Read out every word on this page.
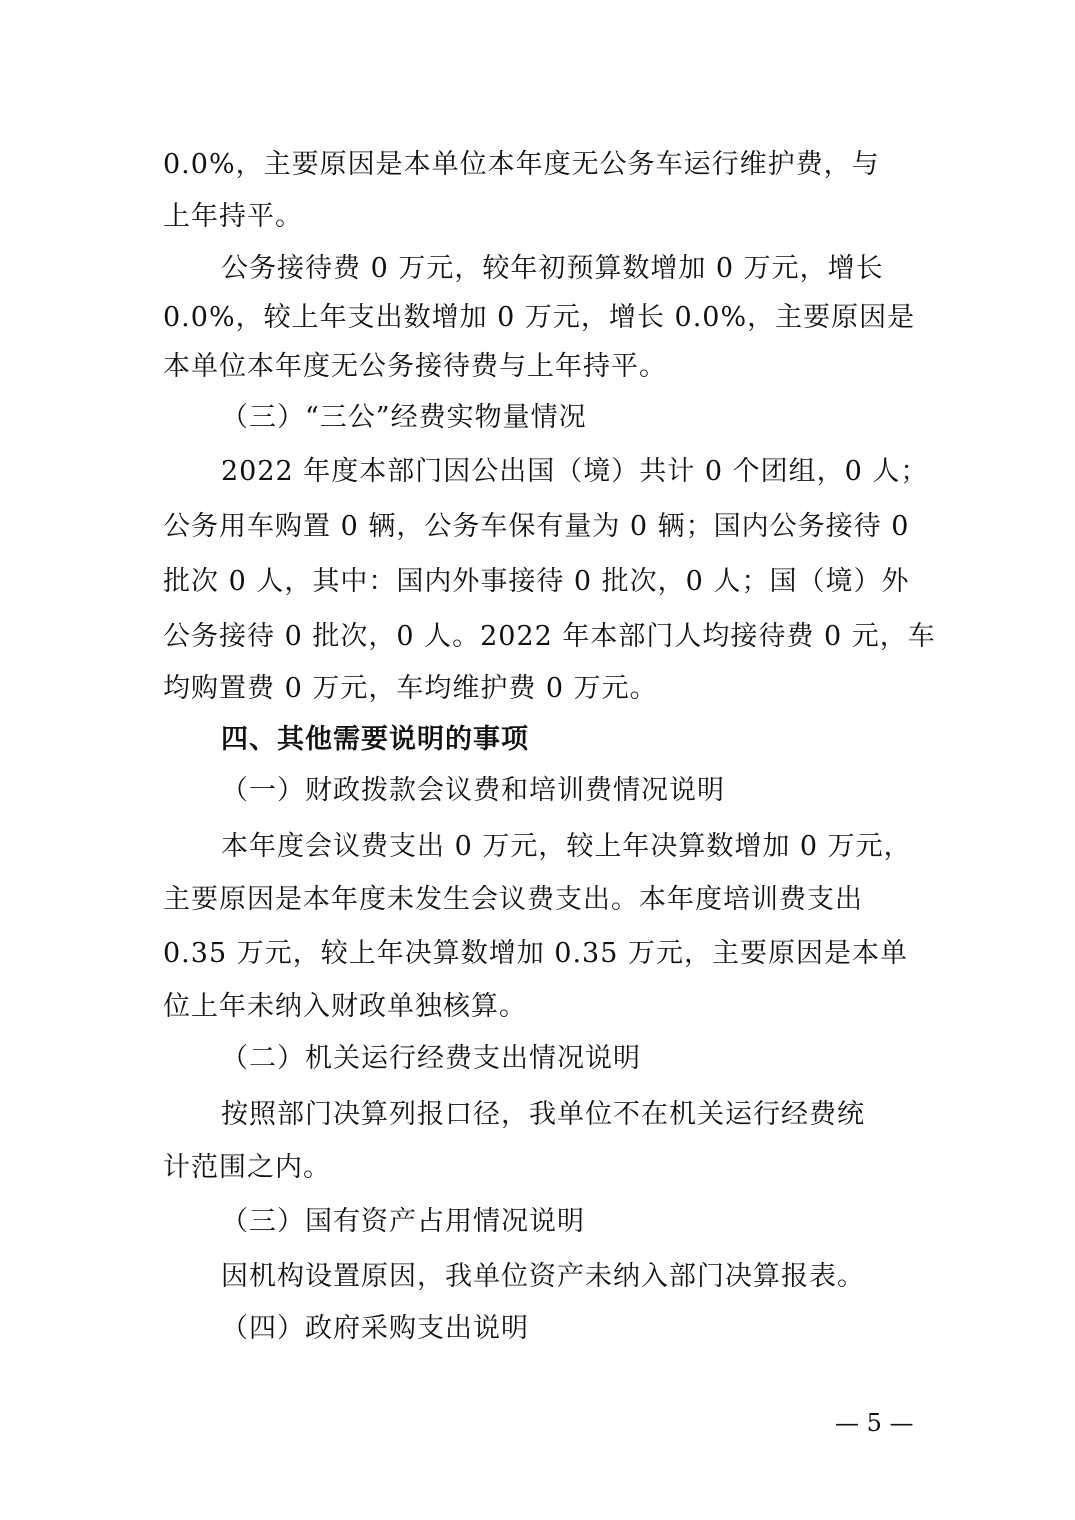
0.0%，主要原因是本单位本年度无公务车运行维护费，与
上年持平。
公务接待费 0 万元，较年初预算数增加 0 万元，增长
0.0%，较上年支出数增加 0 万元，增长 0.0%，主要原因是
本单位本年度无公务接待费与上年持平。
（三）“三公”经费实物量情况
2022 年度本部门因公出国（境）共计 0 个团组，0 人；
公务用车购置 0 辆，公务车保有量为 0 辆；国内公务接待 0
批次 0 人，其中：国内外事接待 0 批次，0 人；国（境）外
公务接待 0 批次，0 人。2022 年本部门人均接待费 0 元，车
均购置费 0 万元，车均维护费 0 万元。
四、其他需要说明的事项
（一）财政拨款会议费和培训费情况说明
本年度会议费支出 0 万元，较上年决算数增加 0 万元，
主要原因是本年度未发生会议费支出。本年度培训费支出
0.35 万元，较上年决算数增加 0.35 万元，主要原因是本单
位上年未纳入财政单独核算。
（二）机关运行经费支出情况说明
按照部门决算列报口径，我单位不在机关运行经费统
计范围之内。
（三）国有资产占用情况说明
因机构设置原因，我单位资产未纳入部门决算报表。
（四）政府采购支出说明
— 5 —
